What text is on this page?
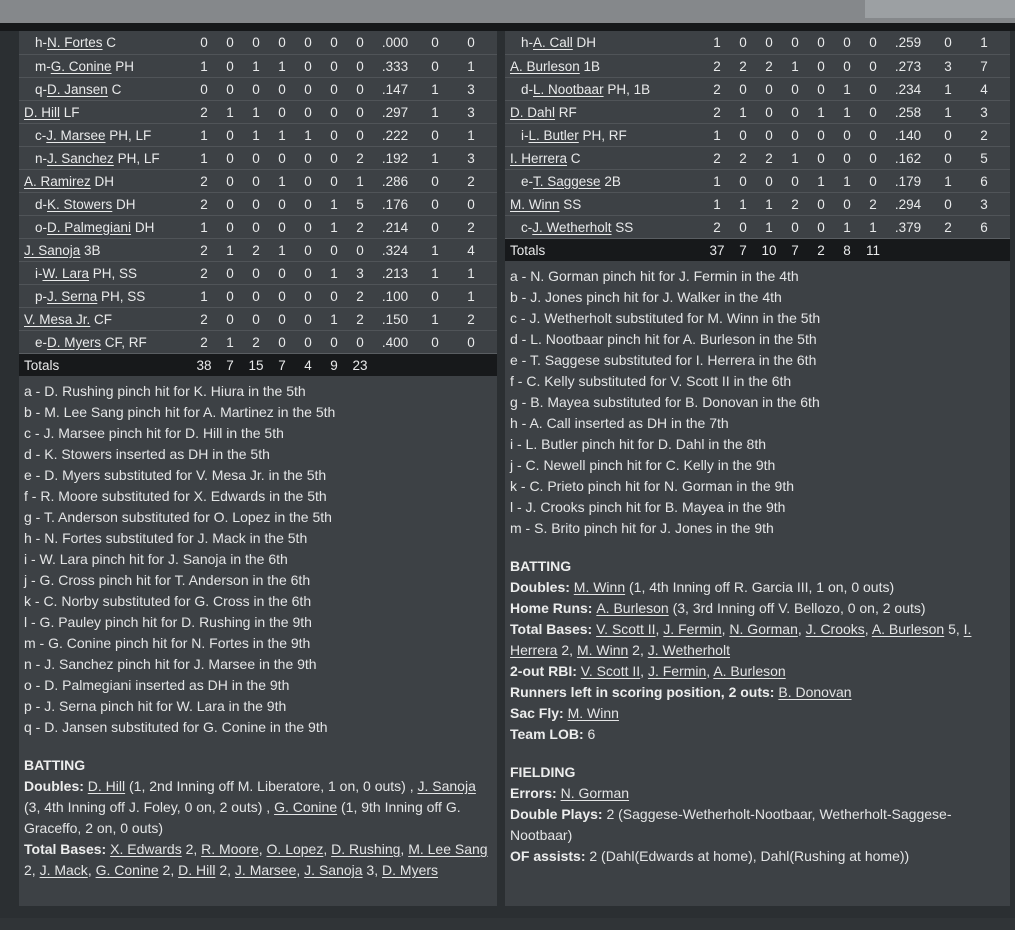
h-N. Fortes C	0	0	0	0	0	0	0	.000	0	0
m-G. Conine PH	1	0	1	1	0	0	0	.333	0	1
q-D. Jansen C	0	0	0	0	0	0	0	.147	1	3
D. Hill LF	2	1	1	0	0	0	0	.297	1	3
c-J. Marsee PH, LF	1	0	1	1	1	0	0	.222	0	1
n-J. Sanchez PH, LF	1	0	0	0	0	0	2	.192	1	3
A. Ramirez DH	2	0	0	1	0	0	1	.286	0	2
d-K. Stowers DH	2	0	0	0	0	1	5	.176	0	0
o-D. Palmegiani DH	1	0	0	0	0	1	2	.214	0	2
J. Sanoja 3B	2	1	2	1	0	0	0	.324	1	4
i-W. Lara PH, SS	2	0	0	0	0	1	3	.213	1	1
p-J. Serna PH, SS	1	0	0	0	0	0	2	.100	0	1
V. Mesa Jr. CF	2	0	0	0	0	1	2	.150	1	2
e-D. Myers CF, RF	2	1	2	0	0	0	0	.400	0	0
Totals	38	7	15	7	4	9	23
a - D. Rushing pinch hit for K. Hiura in the 5th
b - M. Lee Sang pinch hit for A. Martinez in the 5th
c - J. Marsee pinch hit for D. Hill in the 5th
d - K. Stowers inserted as DH in the 5th
e - D. Myers substituted for V. Mesa Jr. in the 5th
f - R. Moore substituted for X. Edwards in the 5th
g - T. Anderson substituted for O. Lopez in the 5th
h - N. Fortes substituted for J. Mack in the 5th
i - W. Lara pinch hit for J. Sanoja in the 6th
j - G. Cross pinch hit for T. Anderson in the 6th
k - C. Norby substituted for G. Cross in the 6th
l - G. Pauley pinch hit for D. Rushing in the 9th
m - G. Conine pinch hit for N. Fortes in the 9th
n - J. Sanchez pinch hit for J. Marsee in the 9th
o - D. Palmegiani inserted as DH in the 9th
p - J. Serna pinch hit for W. Lara in the 9th
q - D. Jansen substituted for G. Conine in the 9th
BATTING
Doubles: D. Hill (1, 2nd Inning off M. Liberatore, 1 on, 0 outs) , J. Sanoja (3, 4th Inning off J. Foley, 0 on, 2 outs) , G. Conine (1, 9th Inning off G. Graceffo, 2 on, 0 outs)
Total Bases: X. Edwards 2, R. Moore, O. Lopez, D. Rushing, M. Lee Sang 2, J. Mack, G. Conine 2, D. Hill 2, J. Marsee, J. Sanoja 3, D. Myers
h-A. Call DH	1	0	0	0	0	0	0	.259	0	1
A. Burleson 1B	2	2	2	1	0	0	0	.273	3	7
d-L. Nootbaar PH, 1B	2	0	0	0	0	1	0	.234	1	4
D. Dahl RF	2	1	0	0	1	1	0	.258	1	3
i-L. Butler PH, RF	1	0	0	0	0	0	0	.140	0	2
I. Herrera C	2	2	2	1	0	0	0	.162	0	5
e-T. Saggese 2B	1	0	0	0	1	1	0	.179	1	6
M. Winn SS	1	1	1	2	0	0	2	.294	0	3
c-J. Wetherholt SS	2	0	1	0	0	1	1	.379	2	6
Totals	37	7	10	7	2	8	11
a - N. Gorman pinch hit for J. Fermin in the 4th
b - J. Jones pinch hit for J. Walker in the 4th
c - J. Wetherholt substituted for M. Winn in the 5th
d - L. Nootbaar pinch hit for A. Burleson in the 5th
e - T. Saggese substituted for I. Herrera in the 6th
f - C. Kelly substituted for V. Scott II in the 6th
g - B. Mayea substituted for B. Donovan in the 6th
h - A. Call inserted as DH in the 7th
i - L. Butler pinch hit for D. Dahl in the 8th
j - C. Newell pinch hit for C. Kelly in the 9th
k - C. Prieto pinch hit for N. Gorman in the 9th
l - J. Crooks pinch hit for B. Mayea in the 9th
m - S. Brito pinch hit for J. Jones in the 9th
BATTING
Doubles: M. Winn (1, 4th Inning off R. Garcia III, 1 on, 0 outs)
Home Runs: A. Burleson (3, 3rd Inning off V. Bellozo, 0 on, 2 outs)
Total Bases: V. Scott II, J. Fermin, N. Gorman, J. Crooks, A. Burleson 5, I. Herrera 2, M. Winn 2, J. Wetherholt
2-out RBI: V. Scott II, J. Fermin, A. Burleson
Runners left in scoring position, 2 outs: B. Donovan
Sac Fly: M. Winn
Team LOB: 6
FIELDING
Errors: N. Gorman
Double Plays: 2 (Saggese-Wetherholt-Nootbaar, Wetherholt-Saggese-Nootbaar)
OF assists: 2 (Dahl(Edwards at home), Dahl(Rushing at home))
